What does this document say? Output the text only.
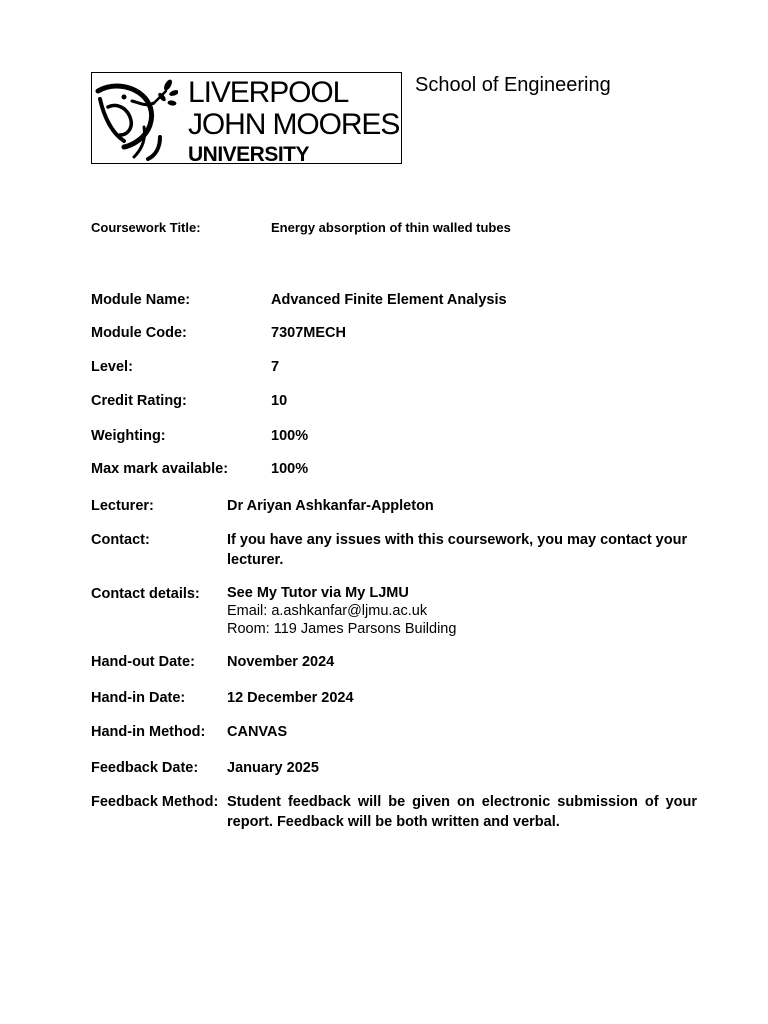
LIVERPOOL
JOHN MOORES
UNIVERSITY
School of Engineering
Coursework Title:	Energy absorption of thin walled tubes
Module Name:	Advanced Finite Element Analysis
Module Code:	7307MECH
Level:	7
Credit Rating:	10
Weighting:	100%
Max mark available:	100%
Lecturer:	Dr Ariyan Ashkanfar-Appleton
Contact:	If you have any issues with this coursework, you may contact your lecturer.
Contact details: See My Tutor via My LJMU
Email: a.ashkanfar@ljmu.ac.uk
Room: 119 James Parsons Building
Hand-out Date: November 2024
Hand-in Date:	12 December 2024
Hand-in Method: CANVAS
Feedback Date: January 2025
Feedback Method: Student feedback will be given on electronic submission of your report. Feedback will be both written and verbal.
